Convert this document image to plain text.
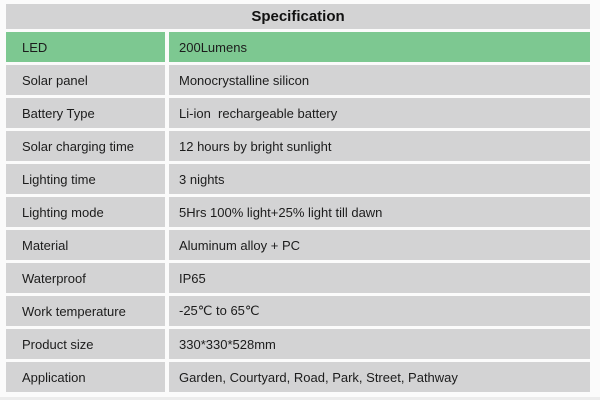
Specification
LED	200Lumens
Solar panel	Monocrystalline silicon
Battery Type	Li-ion  rechargeable battery
Solar charging time	12 hours by bright sunlight
Lighting time	3 nights
Lighting mode	5Hrs 100% light+25% light till dawn
Material	Aluminum alloy + PC
Waterproof	IP65
Work temperature	-25℃ to 65℃
Product size	330*330*528mm
Application	Garden, Courtyard, Road, Park, Street, Pathway
